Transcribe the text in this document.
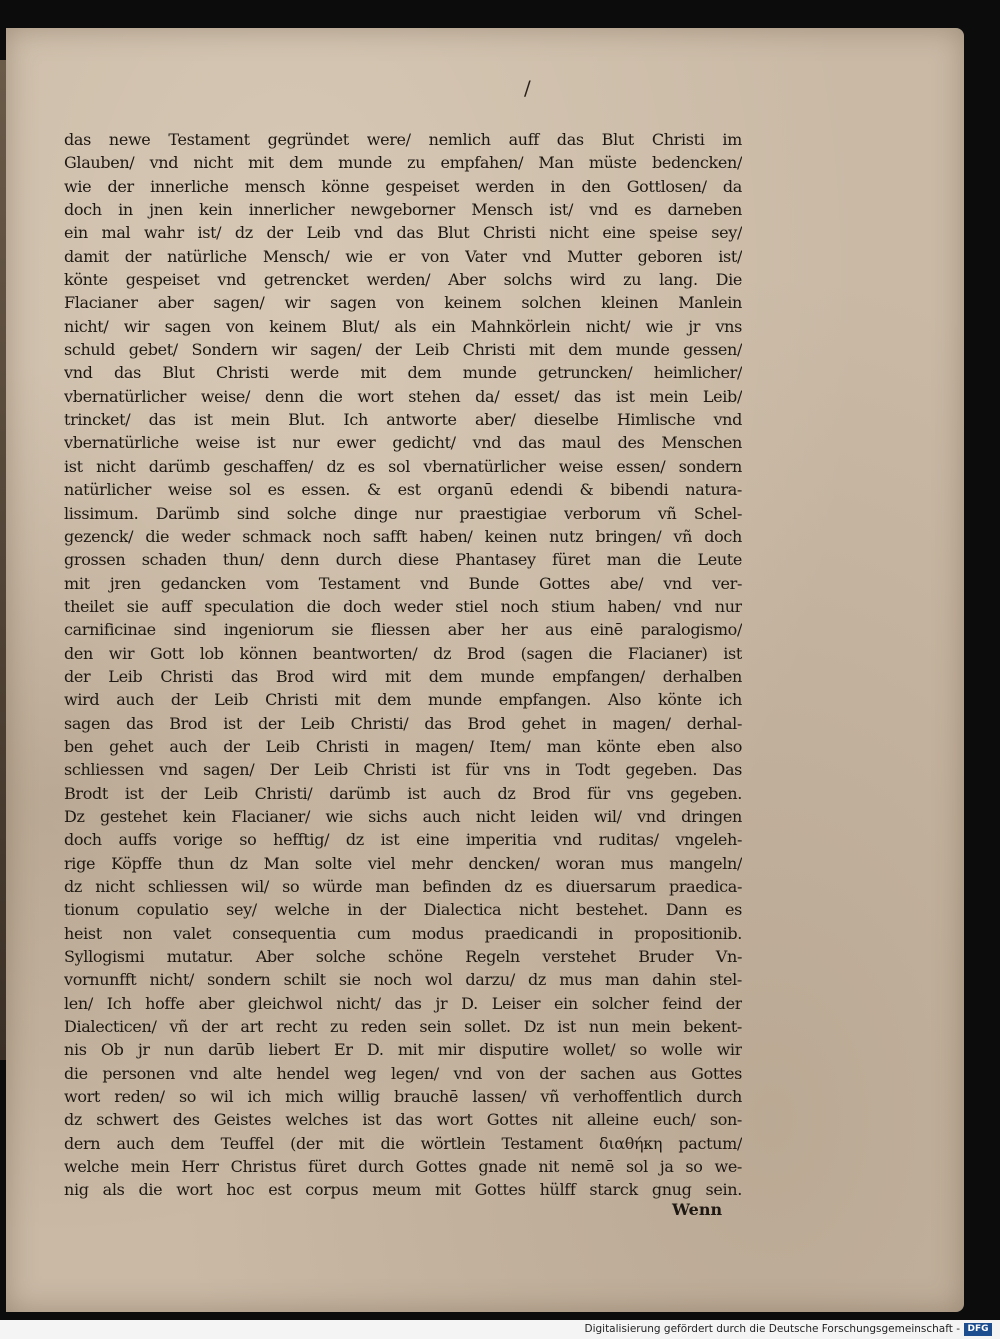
/
das newe Testament gegründet were/ nemlich auff das Blut Christi im
Glauben/ vnd nicht mit dem munde zu empfahen/ Man müste bedencken/
wie der innerliche mensch könne gespeiset werden in den Gottlosen/ da
doch in jnen kein innerlicher newgeborner Mensch ist/ vnd es darneben
ein mal wahr ist/ dz der Leib vnd das Blut Christi nicht eine speise sey/
damit der natürliche Mensch/ wie er von Vater vnd Mutter geboren ist/
könte gespeiset vnd getrencket werden/ Aber solchs wird zu lang. Die
Flacianer aber sagen/ wir sagen von keinem solchen kleinen Manlein
nicht/ wir sagen von keinem Blut/ als ein Mahnkörlein nicht/ wie jr vns
schuld gebet/ Sondern wir sagen/ der Leib Christi mit dem munde gessen/
vnd das Blut Christi werde mit dem munde getruncken/ heimlicher/
vbernatürlicher weise/ denn die wort stehen da/ esset/ das ist mein Leib/
trincket/ das ist mein Blut. Ich antworte aber/ dieselbe Himlische vnd
vbernatürliche weise ist nur ewer gedicht/ vnd das maul des Menschen
ist nicht darümb geschaffen/ dz es sol vbernatürlicher weise essen/ sondern
natürlicher weise sol es essen. & est organū edendi & bibendi natura-
lissimum. Darümb sind solche dinge nur praestigiae verborum vñ Schel-
gezenck/ die weder schmack noch safft haben/ keinen nutz bringen/ vñ doch
grossen schaden thun/ denn durch diese Phantasey füret man die Leute
mit jren gedancken vom Testament vnd Bunde Gottes abe/ vnd ver-
theilet sie auff speculation die doch weder stiel noch stium haben/ vnd nur
carnificinae sind ingeniorum sie fliessen aber her aus einē paralogismo/
den wir Gott lob können beantworten/ dz Brod (sagen die Flacianer) ist
der Leib Christi das Brod wird mit dem munde empfangen/ derhalben
wird auch der Leib Christi mit dem munde empfangen. Also könte ich
sagen das Brod ist der Leib Christi/ das Brod gehet in magen/ derhal-
ben gehet auch der Leib Christi in magen/ Item/ man könte eben also
schliessen vnd sagen/ Der Leib Christi ist für vns in Todt gegeben. Das
Brodt ist der Leib Christi/ darümb ist auch dz Brod für vns gegeben.
Dz gestehet kein Flacianer/ wie sichs auch nicht leiden wil/ vnd dringen
doch auffs vorige so hefftig/ dz ist eine imperitia vnd ruditas/ vngeleh-
rige Köpffe thun dz Man solte viel mehr dencken/ woran mus mangeln/
dz nicht schliessen wil/ so würde man befinden dz es diuersarum praedica-
tionum copulatio sey/ welche in der Dialectica nicht bestehet. Dann es
heist non valet consequentia cum modus praedicandi in propositionib.
Syllogismi mutatur. Aber solche schöne Regeln verstehet Bruder Vn-
vornunfft nicht/ sondern schilt sie noch wol darzu/ dz mus man dahin stel-
len/ Ich hoffe aber gleichwol nicht/ das jr D. Leiser ein solcher feind der
Dialecticen/ vñ der art recht zu reden sein sollet. Dz ist nun mein bekent-
nis Ob jr nun darūb liebert Er D. mit mir disputire wollet/ so wolle wir
die personen vnd alte hendel weg legen/ vnd von der sachen aus Gottes
wort reden/ so wil ich mich willig brauchē lassen/ vñ verhoffentlich durch
dz schwert des Geistes welches ist das wort Gottes nit alleine euch/ son-
dern auch dem Teuffel (der mit die wörtlein Testament διαθήκη pactum/
welche mein Herr Christus füret durch Gottes gnade nit nemē sol ja so we-
nig als die wort hoc est corpus meum mit Gottes hülff starck gnug sein.
Wenn
Digitalisierung gefördert durch die Deutsche Forschungsgemeinschaft - DFG
